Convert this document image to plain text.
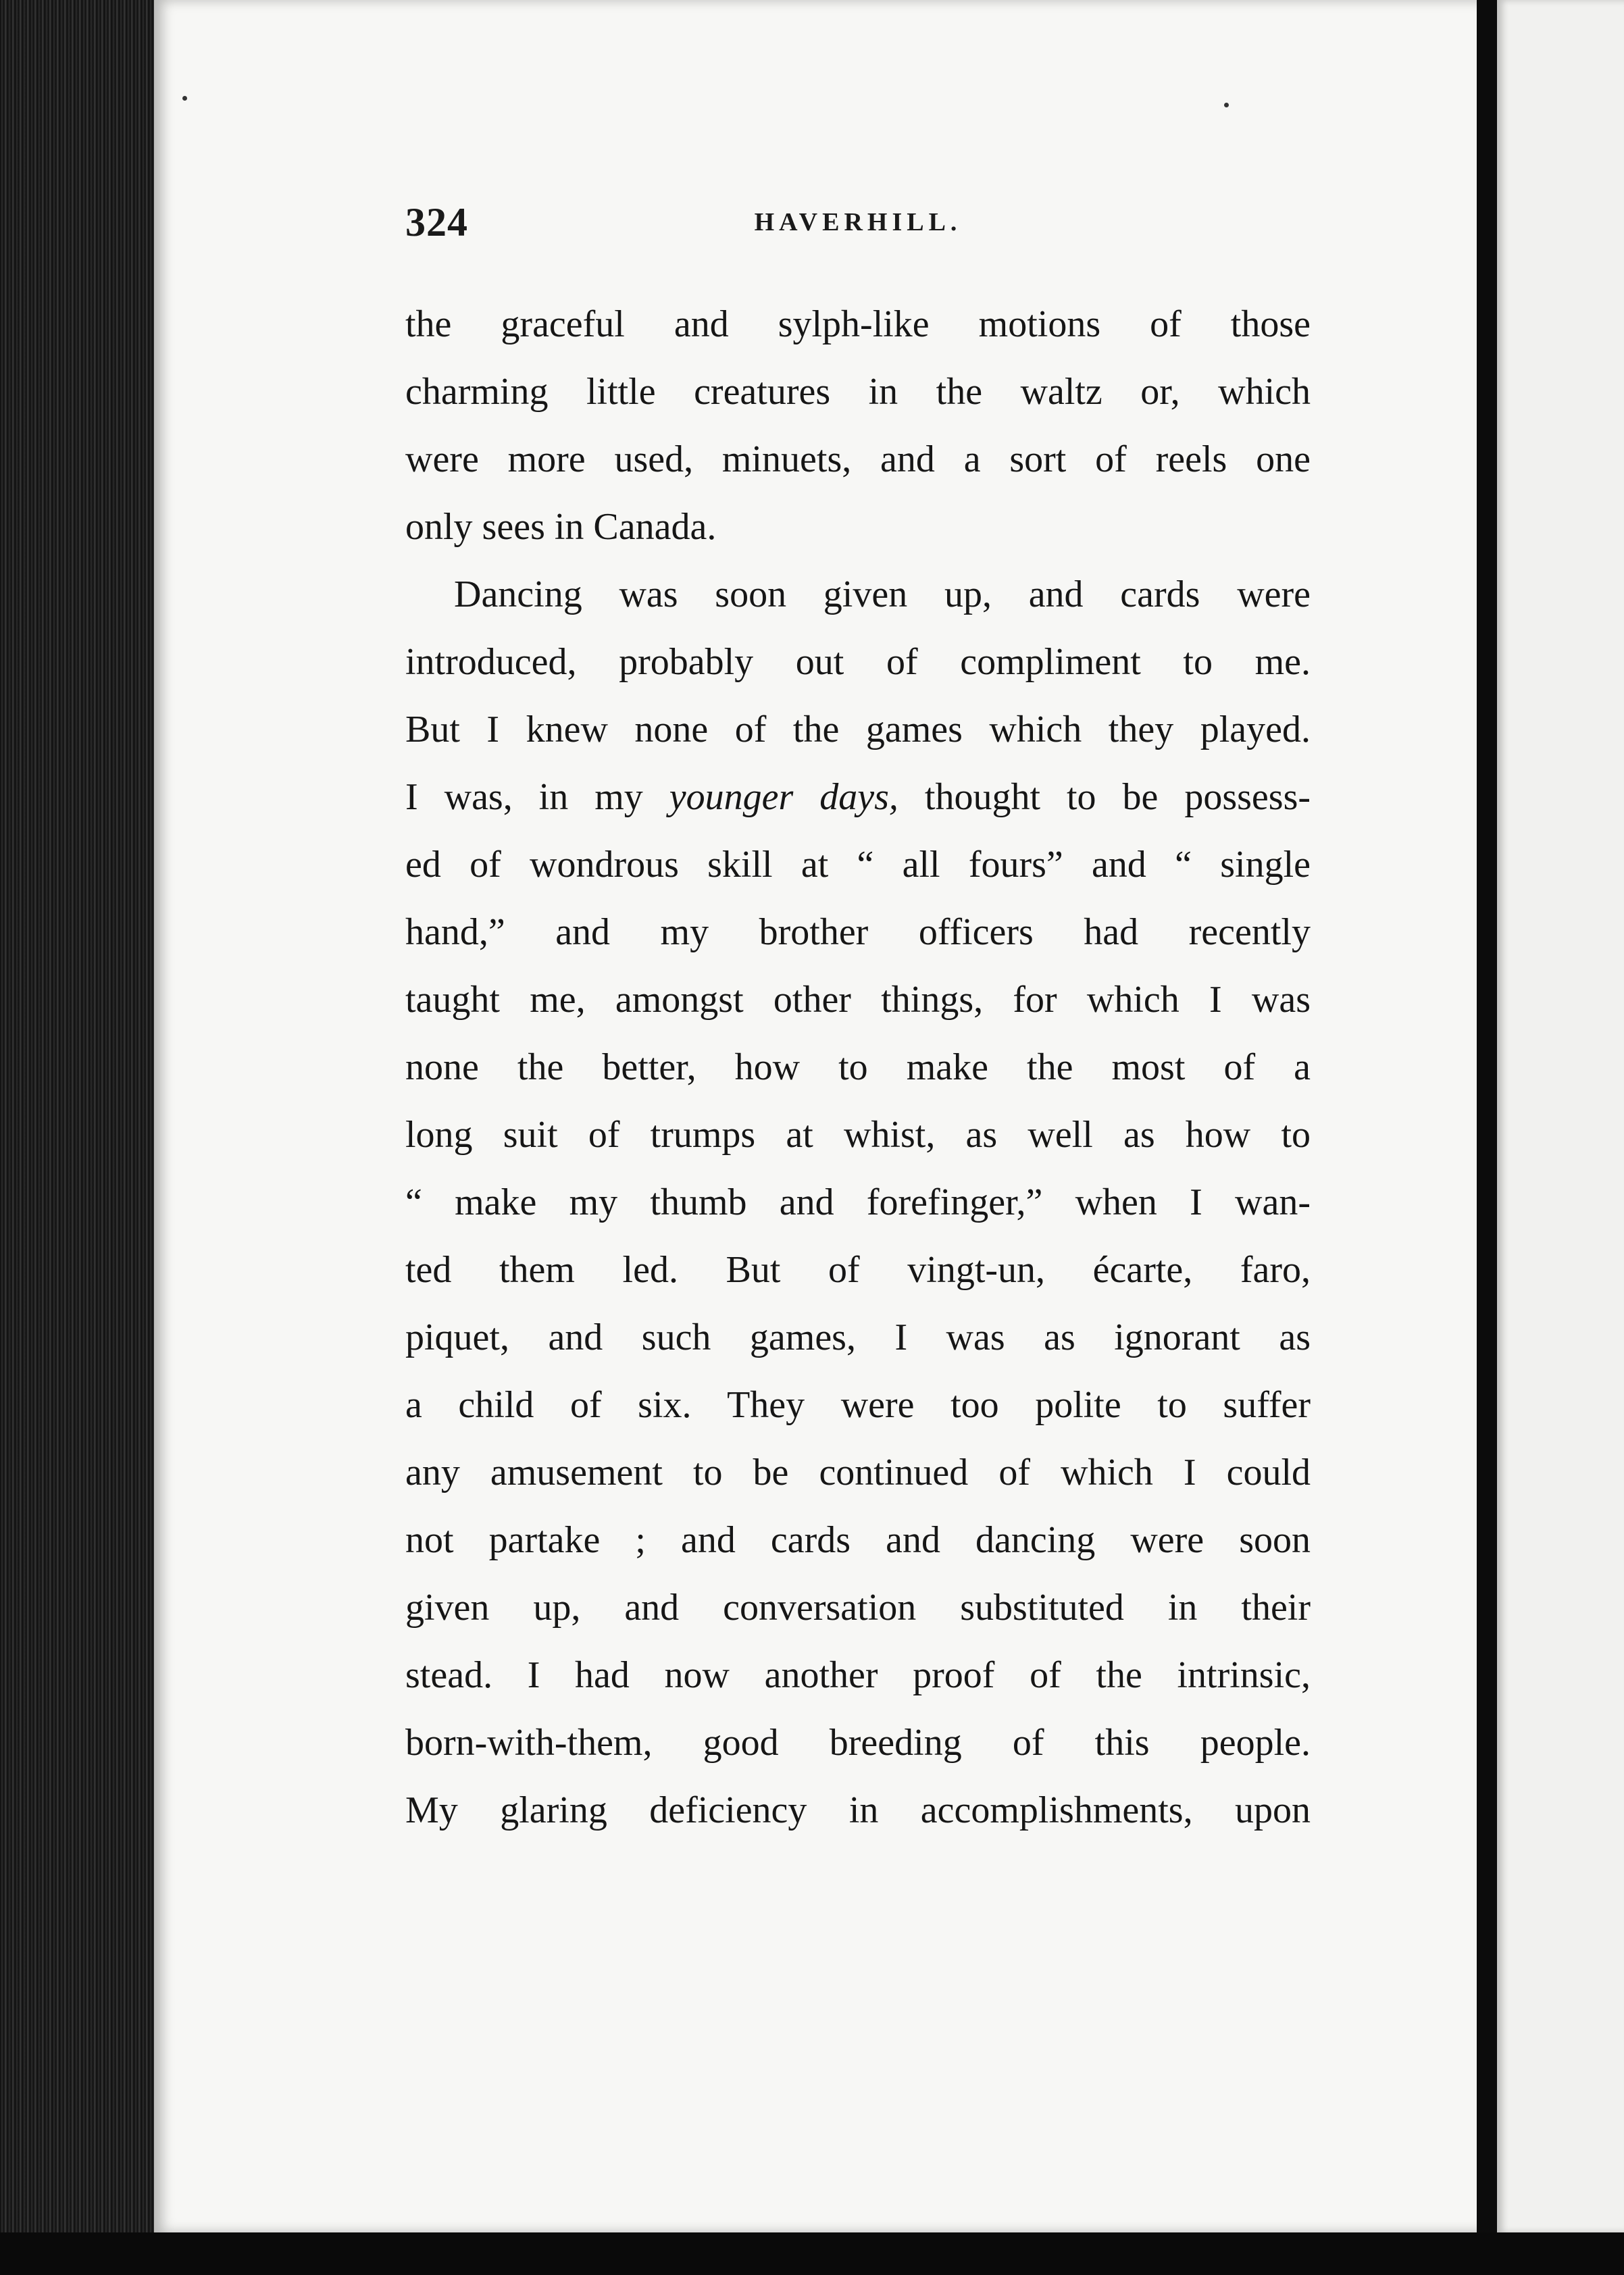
324	HAVERHILL.
the graceful and sylph-like motions of those
charming little creatures in the waltz or, which
were more used, minuets, and a sort of reels one
only sees in Canada.
Dancing was soon given up, and cards were
introduced, probably out of compliment to me.
But I knew none of the games which they played.
I was, in my younger days, thought to be possess-
ed of wondrous skill at “ all fours” and “ single
hand,” and my brother officers had recently
taught me, amongst other things, for which I was
none the better, how to make the most of a
long suit of trumps at whist, as well as how to
“ make my thumb and forefinger,” when I wan-
ted them led. But of vingt-un, écarte, faro,
piquet, and such games, I was as ignorant as
a child of six. They were too polite to suffer
any amusement to be continued of which I could
not partake ; and cards and dancing were soon
given up, and conversation substituted in their
stead. I had now another proof of the intrinsic,
born-with-them, good breeding of this people.
My glaring deficiency in accomplishments, upon
